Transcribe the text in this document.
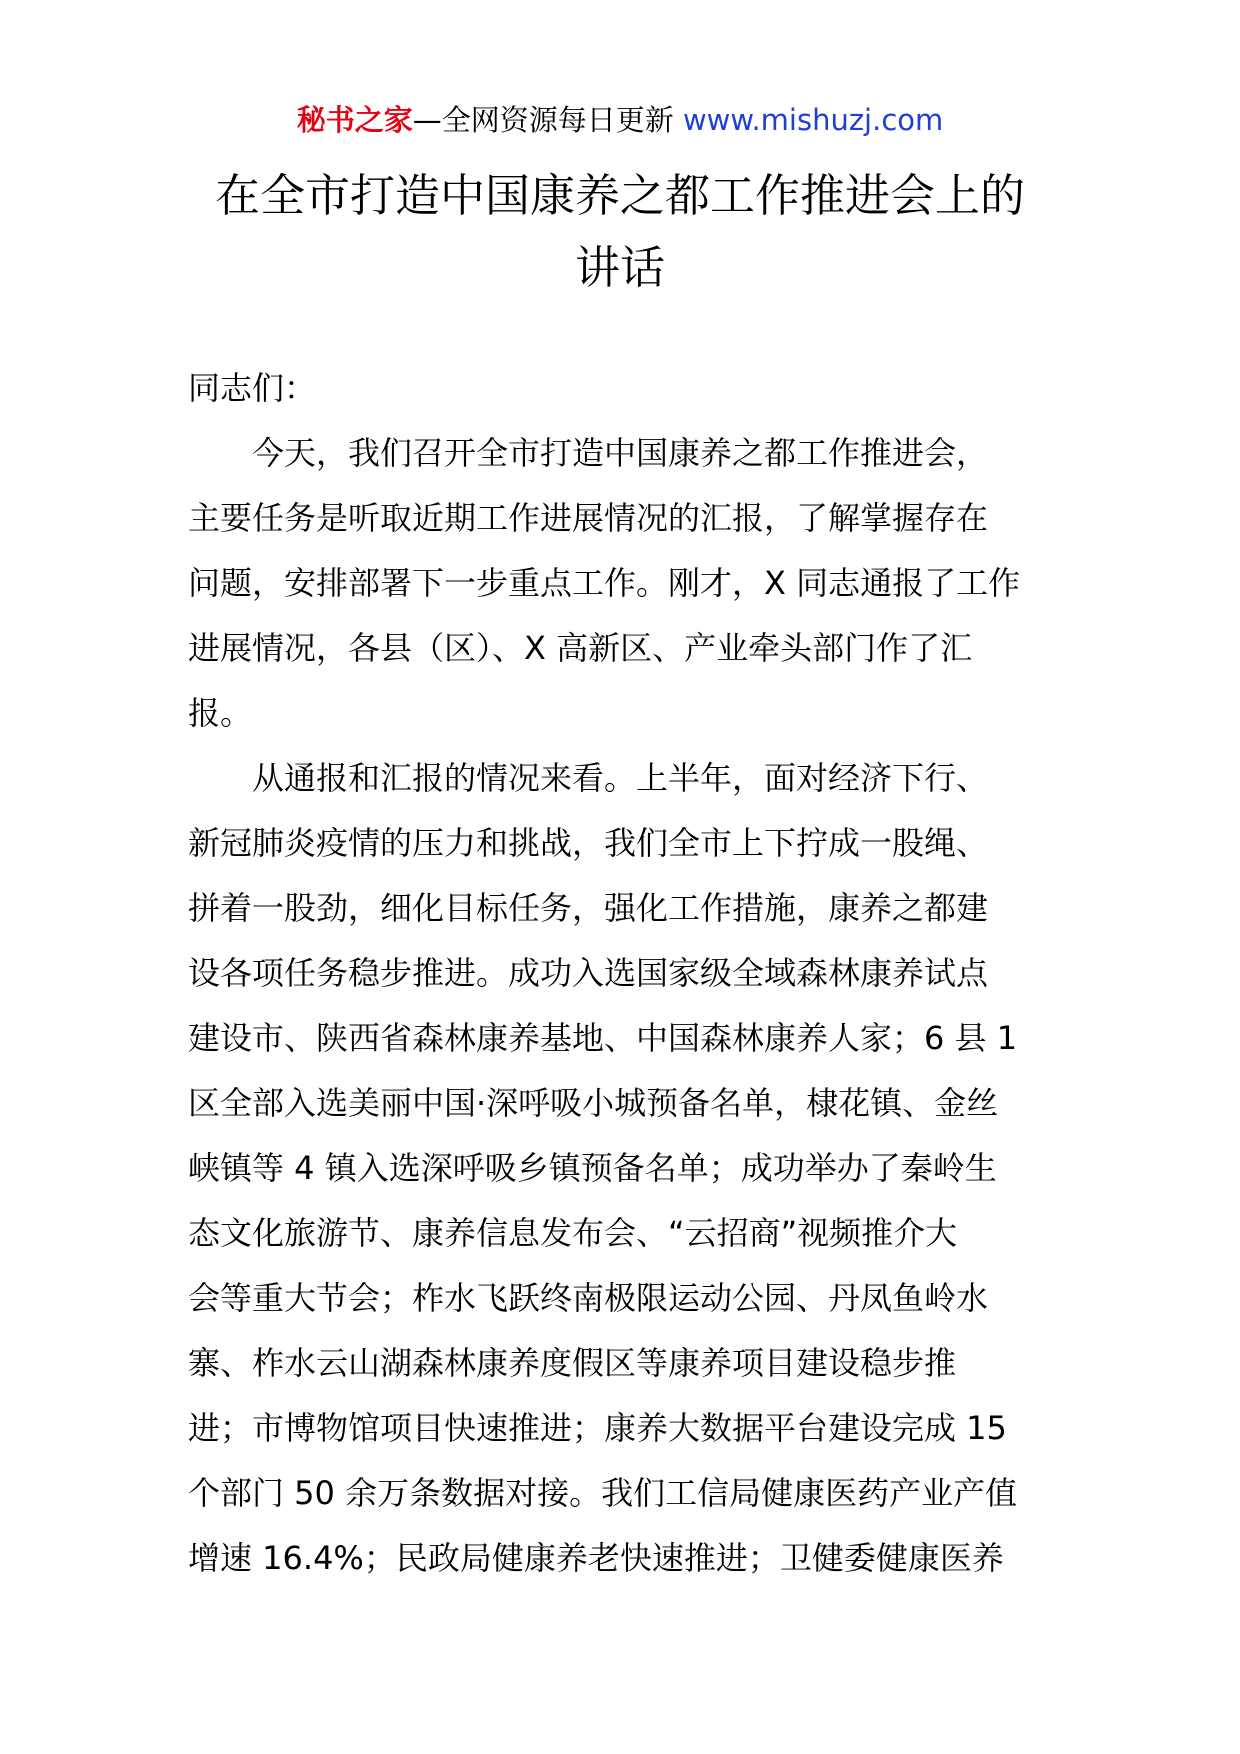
秘书之家—全网资源每日更新 www.mishuzj.com
在全市打造中国康养之都工作推进会上的
讲话

同志们：

今天，我们召开全市打造中国康养之都工作推进会，
主要任务是听取近期工作进展情况的汇报，了解掌握存在
问题，安排部署下一步重点工作。刚才，X 同志通报了工作
进展情况，各县（区）、X 高新区、产业牵头部门作了汇
报。

从通报和汇报的情况来看。上半年，面对经济下行、
新冠肺炎疫情的压力和挑战，我们全市上下拧成一股绳、
拼着一股劲，细化目标任务，强化工作措施，康养之都建
设各项任务稳步推进。成功入选国家级全域森林康养试点
建设市、陕西省森林康养基地、中国森林康养人家；6 县 1
区全部入选美丽中国·深呼吸小城预备名单，棣花镇、金丝
峡镇等 4 镇入选深呼吸乡镇预备名单；成功举办了秦岭生
态文化旅游节、康养信息发布会、“云招商”视频推介大
会等重大节会；柞水飞跃终南极限运动公园、丹凤鱼岭水
寨、柞水云山湖森林康养度假区等康养项目建设稳步推
进；市博物馆项目快速推进；康养大数据平台建设完成 15
个部门 50 余万条数据对接。我们工信局健康医药产业产值
增速 16.4%；民政局健康养老快速推进；卫健委健康医养
